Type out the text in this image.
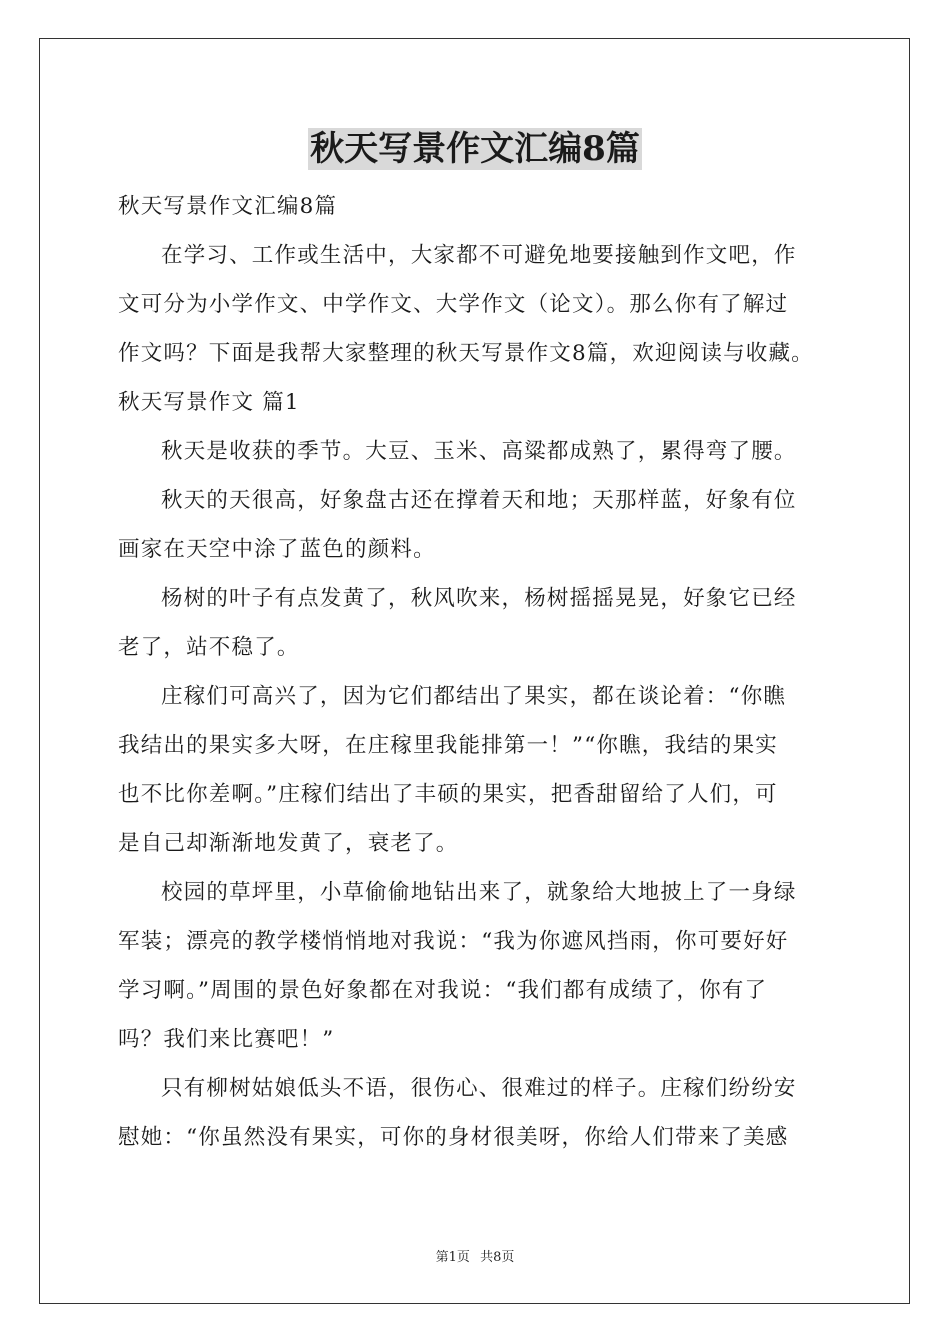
秋天写景作文汇编8篇

秋天写景作文汇编8篇

在学习、工作或生活中，大家都不可避免地要接触到作文吧，作

文可分为小学作文、中学作文、大学作文（论文）。那么你有了解过

作文吗？下面是我帮大家整理的秋天写景作文8篇，欢迎阅读与收藏。

秋天写景作文 篇1

秋天是收获的季节。大豆、玉米、高粱都成熟了，累得弯了腰。

秋天的天很高，好象盘古还在撑着天和地；天那样蓝，好象有位

画家在天空中涂了蓝色的颜料。

杨树的叶子有点发黄了，秋风吹来，杨树摇摇晃晃，好象它已经

老了，站不稳了。

庄稼们可高兴了，因为它们都结出了果实，都在谈论着：“你瞧

我结出的果实多大呀，在庄稼里我能排第一！”“你瞧，我结的果实

也不比你差啊。”庄稼们结出了丰硕的果实，把香甜留给了人们，可

是自己却渐渐地发黄了，衰老了。

校园的草坪里，小草偷偷地钻出来了，就象给大地披上了一身绿

军装；漂亮的教学楼悄悄地对我说：“我为你遮风挡雨，你可要好好

学习啊。”周围的景色好象都在对我说：“我们都有成绩了，你有了

吗？我们来比赛吧！”

只有柳树姑娘低头不语，很伤心、很难过的样子。庄稼们纷纷安

慰她：“你虽然没有果实，可你的身材很美呀，你给人们带来了美感

第1页 共8页
